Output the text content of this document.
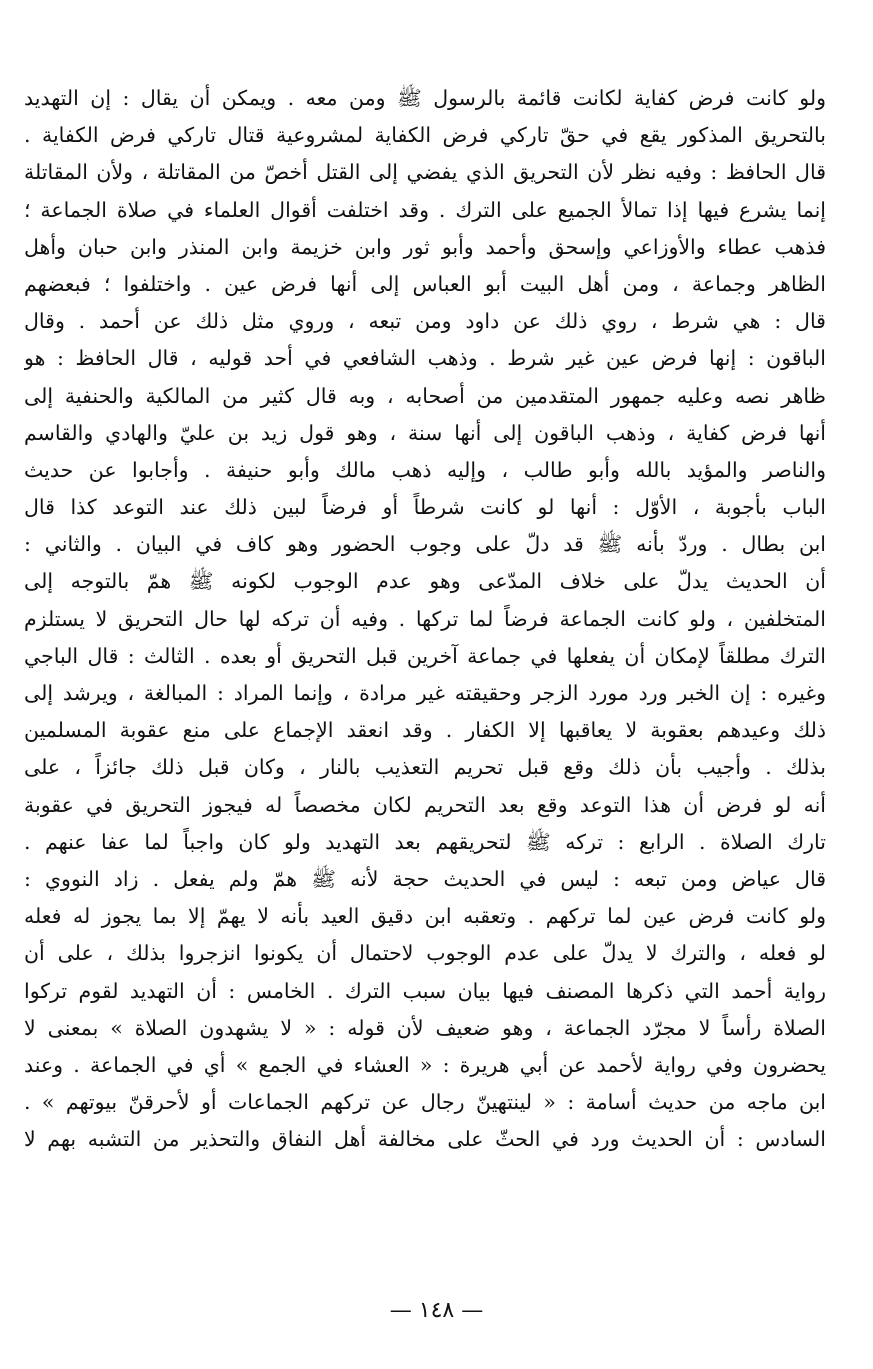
ولو كانت فرض كفاية لكانت قائمة بالرسول ﷺ ومن معه . ويمكن أن يقال : إن التهديد
بالتحريق المذكور يقع في حقّ تاركي فرض الكفاية لمشروعية قتال تاركي فرض الكفاية .
قال الحافظ : وفيه نظر لأن التحريق الذي يفضي إلى القتل أخصّ من المقاتلة ، ولأن المقاتلة
إنما يشرع فيها إذا تمالأ الجميع على الترك . وقد اختلفت أقوال العلماء في صلاة الجماعة ؛
فذهب عطاء والأوزاعي وإسحق وأحمد وأبو ثور وابن خزيمة وابن المنذر وابن حبان وأهل
الظاهر وجماعة ، ومن أهل البيت أبو العباس إلى أنها فرض عين . واختلفوا ؛ فبعضهم
قال : هي شرط ، روي ذلك عن داود ومن تبعه ، وروي مثل ذلك عن أحمد . وقال
الباقون : إنها فرض عين غير شرط . وذهب الشافعي في أحد قوليه ، قال الحافظ : هو
ظاهر نصه وعليه جمهور المتقدمين من أصحابه ، وبه قال كثير من المالكية والحنفية إلى
أنها فرض كفاية ، وذهب الباقون إلى أنها سنة ، وهو قول زيد بن عليّ والهادي والقاسم
والناصر والمؤيد بالله وأبو طالب ، وإليه ذهب مالك وأبو حنيفة . وأجابوا عن حديث
الباب بأجوبة ، الأوّل : أنها لو كانت شرطاً أو فرضاً لبين ذلك عند التوعد كذا قال
ابن بطال . وردّ بأنه ﷺ قد دلّ على وجوب الحضور وهو كاف في البيان . والثاني :
أن الحديث يدلّ على خلاف المدّعى وهو عدم الوجوب لكونه ﷺ همّ بالتوجه إلى
المتخلفين ، ولو كانت الجماعة فرضاً لما تركها . وفيه أن تركه لها حال التحريق لا يستلزم
الترك مطلقاً لإمكان أن يفعلها في جماعة آخرين قبل التحريق أو بعده . الثالث : قال الباجي
وغيره : إن الخبر ورد مورد الزجر وحقيقته غير مرادة ، وإنما المراد : المبالغة ، ويرشد إلى
ذلك وعيدهم بعقوبة لا يعاقبها إلا الكفار . وقد انعقد الإجماع على منع عقوبة المسلمين
بذلك . وأجيب بأن ذلك وقع قبل تحريم التعذيب بالنار ، وكان قبل ذلك جائزاً ، على
أنه لو فرض أن هذا التوعد وقع بعد التحريم لكان مخصصاً له فيجوز التحريق في عقوبة
تارك الصلاة . الرابع : تركه ﷺ لتحريقهم بعد التهديد ولو كان واجباً لما عفا عنهم .
قال عياض ومن تبعه : ليس في الحديث حجة لأنه ﷺ همّ ولم يفعل . زاد النووي :
ولو كانت فرض عين لما تركهم . وتعقبه ابن دقيق العيد بأنه لا يهمّ إلا بما يجوز له فعله
لو فعله ، والترك لا يدلّ على عدم الوجوب لاحتمال أن يكونوا انزجروا بذلك ، على أن
رواية أحمد التي ذكرها المصنف فيها بيان سبب الترك . الخامس : أن التهديد لقوم تركوا
الصلاة رأساً لا مجرّد الجماعة ، وهو ضعيف لأن قوله : « لا يشهدون الصلاة » بمعنى لا
يحضرون وفي رواية لأحمد عن أبي هريرة : « العشاء في الجمع » أي في الجماعة . وعند
ابن ماجه من حديث أسامة : « لينتهينّ رجال عن تركهم الجماعات أو لأحرقنّ بيوتهم » .
السادس : أن الحديث ورد في الحثّ على مخالفة أهل النفاق والتحذير من التشبه بهم لا
— ١٤٨ —
